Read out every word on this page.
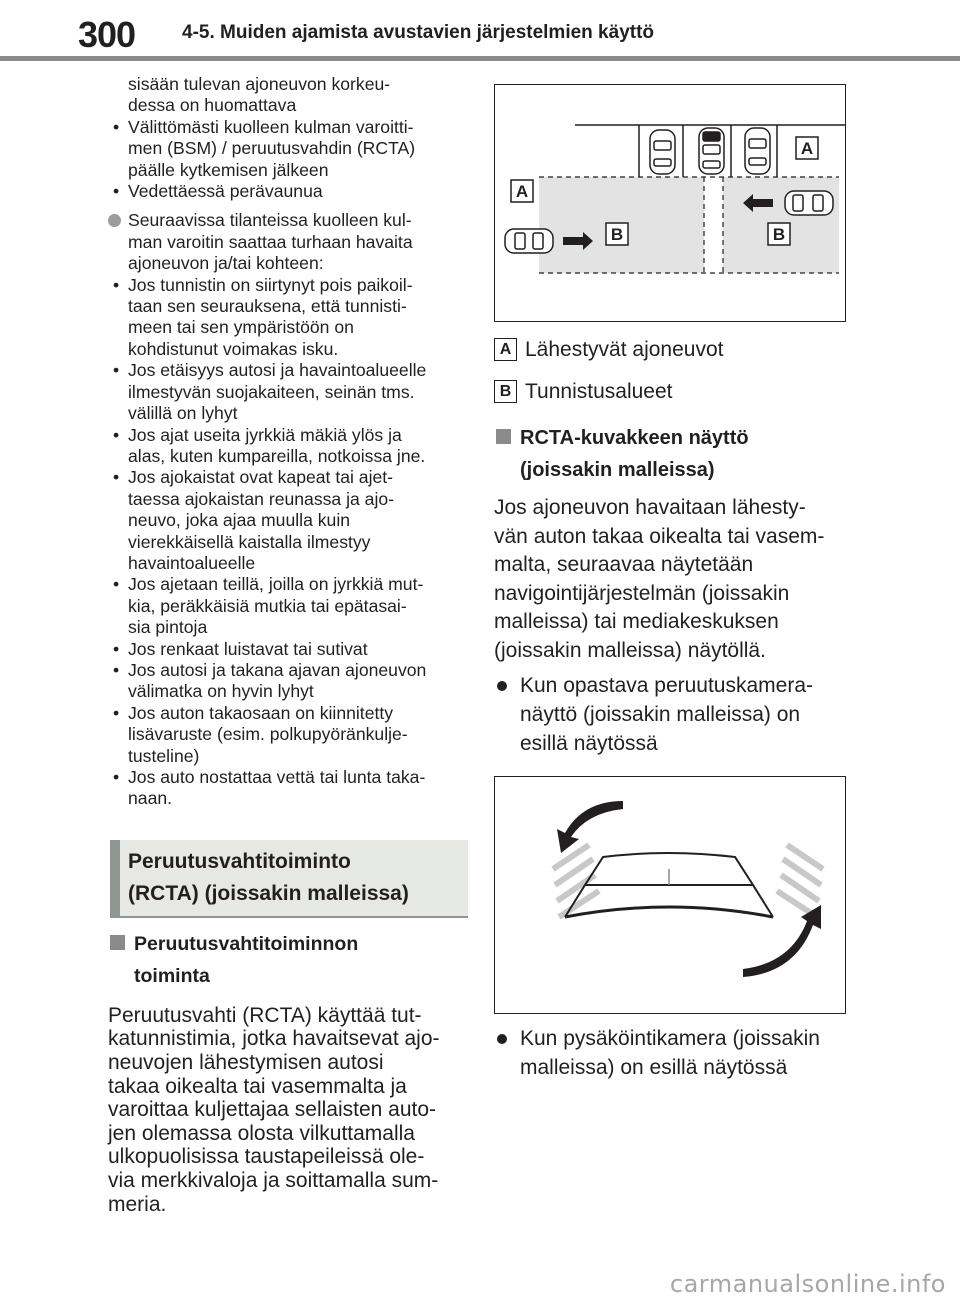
300 4-5. Muiden ajamista avustavien järjestelmien käyttö

sisään tulevan ajoneuvon korkeu-
dessa on huomattava

• Välittömästi kuolleen kulman varoitti-
men (BSM) / peruutusvahdin (RCTA)
päälle kytkemisen jälkeen
• Vedettäessä perävaunua
Seuraavissa tilanteissa kuolleen kul-
man varoitin saattaa turhaan havaita
ajoneuvon ja/tai kohteen:
• Jos tunnistin on siirtynyt pois paikoil-
taan sen seurauksena, että tunnisti-
meen tai sen ympäristöön on
kohdistunut voimakas isku.
• Jos etäisyys autosi ja havaintoalueelle
ilmestyvän suojakaiteen, seinän tms.
välillä on lyhyt
• Jos ajat useita jyrkkiä mäkiä ylös ja
alas, kuten kumpareilla, notkoissa jne.
• Jos ajokaistat ovat kapeat tai ajet-
taessa ajokaistan reunassa ja ajo-
neuvo, joka ajaa muulla kuin
vierekkäisellä kaistalla ilmestyy
havaintoalueelle
• Jos ajetaan teillä, joilla on jyrkkiä mut-
kia, peräkkäisiä mutkia tai epätasai-
sia pintoja
• Jos renkaat luistavat tai sutivat
• Jos autosi ja takana ajavan ajoneuvon
välimatka on hyvin lyhyt
• Jos auton takaosaan on kiinnitetty
lisävaruste (esim. polkupyöränkulje-
tusteline)
• Jos auto nostattaa vettä tai lunta taka-
naan.
Peruutusvahtitoiminto
(RCTA) (joissakin malleissa)
Peruutusvahtitoiminnon
toiminta

Peruutusvahti (RCTA) käyttää tut-
katunnistimia, jotka havaitsevat ajo-
neuvojen lähestymisen autosi
takaa oikealta tai vasemmalta ja
varoittaa kuljettajaa sellaisten auto-
jen olemassa olosta vilkuttamalla
ulkopuolisissa taustapeileissä ole-
via merkkivaloja ja soittamalla sum-
meria.

A
A
B	B
A Lähestyvät ajoneuvot
B Tunnistusalueet
RCTA-kuvakkeen näyttö
(joissakin malleissa)

Jos ajoneuvon havaitaan lähesty-
vän auton takaa oikealta tai vasem-
malta, seuraavaa näytetään
navigointijärjestelmän (joissakin
malleissa) tai mediakeskuksen
(joissakin malleissa) näytöllä.

Kun opastava peruutuskamera-
näyttö (joissakin malleissa) on
esillä näytössä
Kun pysäköintikamera (joissakin
malleissa) on esillä näytössä
carmanualsonline.info
